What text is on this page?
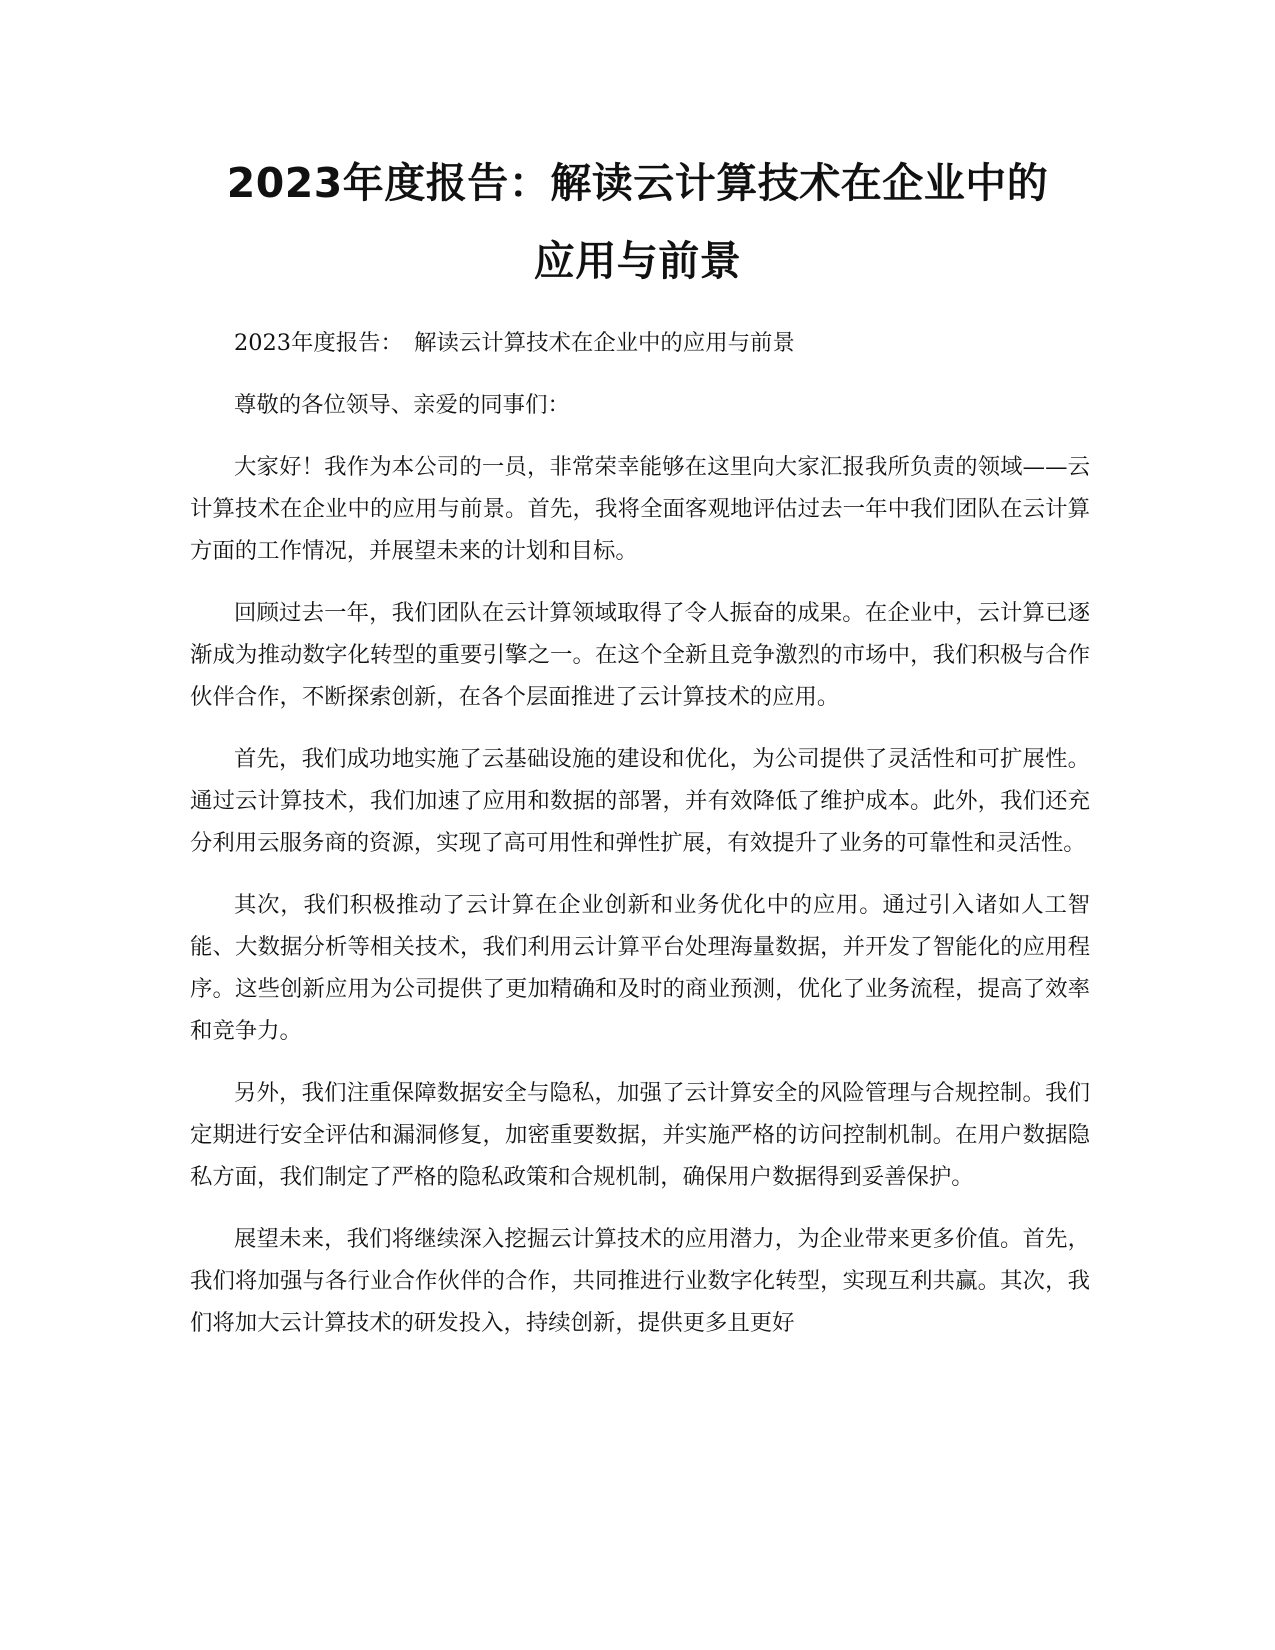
2023年度报告：解读云计算技术在企业中的
应用与前景

2023年度报告：　解读云计算技术在企业中的应用与前景

尊敬的各位领导、亲爱的同事们：

大家好！我作为本公司的一员，非常荣幸能够在这里向大家汇报我所负责的领域——云计算技术在企业中的应用与前景。首先，我将全面客观地评估过去一年中我们团队在云计算方面的工作情况，并展望未来的计划和目标。

回顾过去一年，我们团队在云计算领域取得了令人振奋的成果。在企业中，云计算已逐渐成为推动数字化转型的重要引擎之一。在这个全新且竞争激烈的市场中，我们积极与合作伙伴合作，不断探索创新，在各个层面推进了云计算技术的应用。

首先，我们成功地实施了云基础设施的建设和优化，为公司提供了灵活性和可扩展性。通过云计算技术，我们加速了应用和数据的部署，并有效降低了维护成本。此外，我们还充分利用云服务商的资源，实现了高可用性和弹性扩展，有效提升了业务的可靠性和灵活性。

其次，我们积极推动了云计算在企业创新和业务优化中的应用。通过引入诸如人工智能、大数据分析等相关技术，我们利用云计算平台处理海量数据，并开发了智能化的应用程序。这些创新应用为公司提供了更加精确和及时的商业预测，优化了业务流程，提高了效率和竞争力。

另外，我们注重保障数据安全与隐私，加强了云计算安全的风险管理与合规控制。我们定期进行安全评估和漏洞修复，加密重要数据，并实施严格的访问控制机制。在用户数据隐私方面，我们制定了严格的隐私政策和合规机制，确保用户数据得到妥善保护。

展望未来，我们将继续深入挖掘云计算技术的应用潜力，为企业带来更多价值。首先，我们将加强与各行业合作伙伴的合作，共同推进行业数字化转型，实现互利共赢。其次，我们将加大云计算技术的研发投入，持续创新，提供更多且更好
